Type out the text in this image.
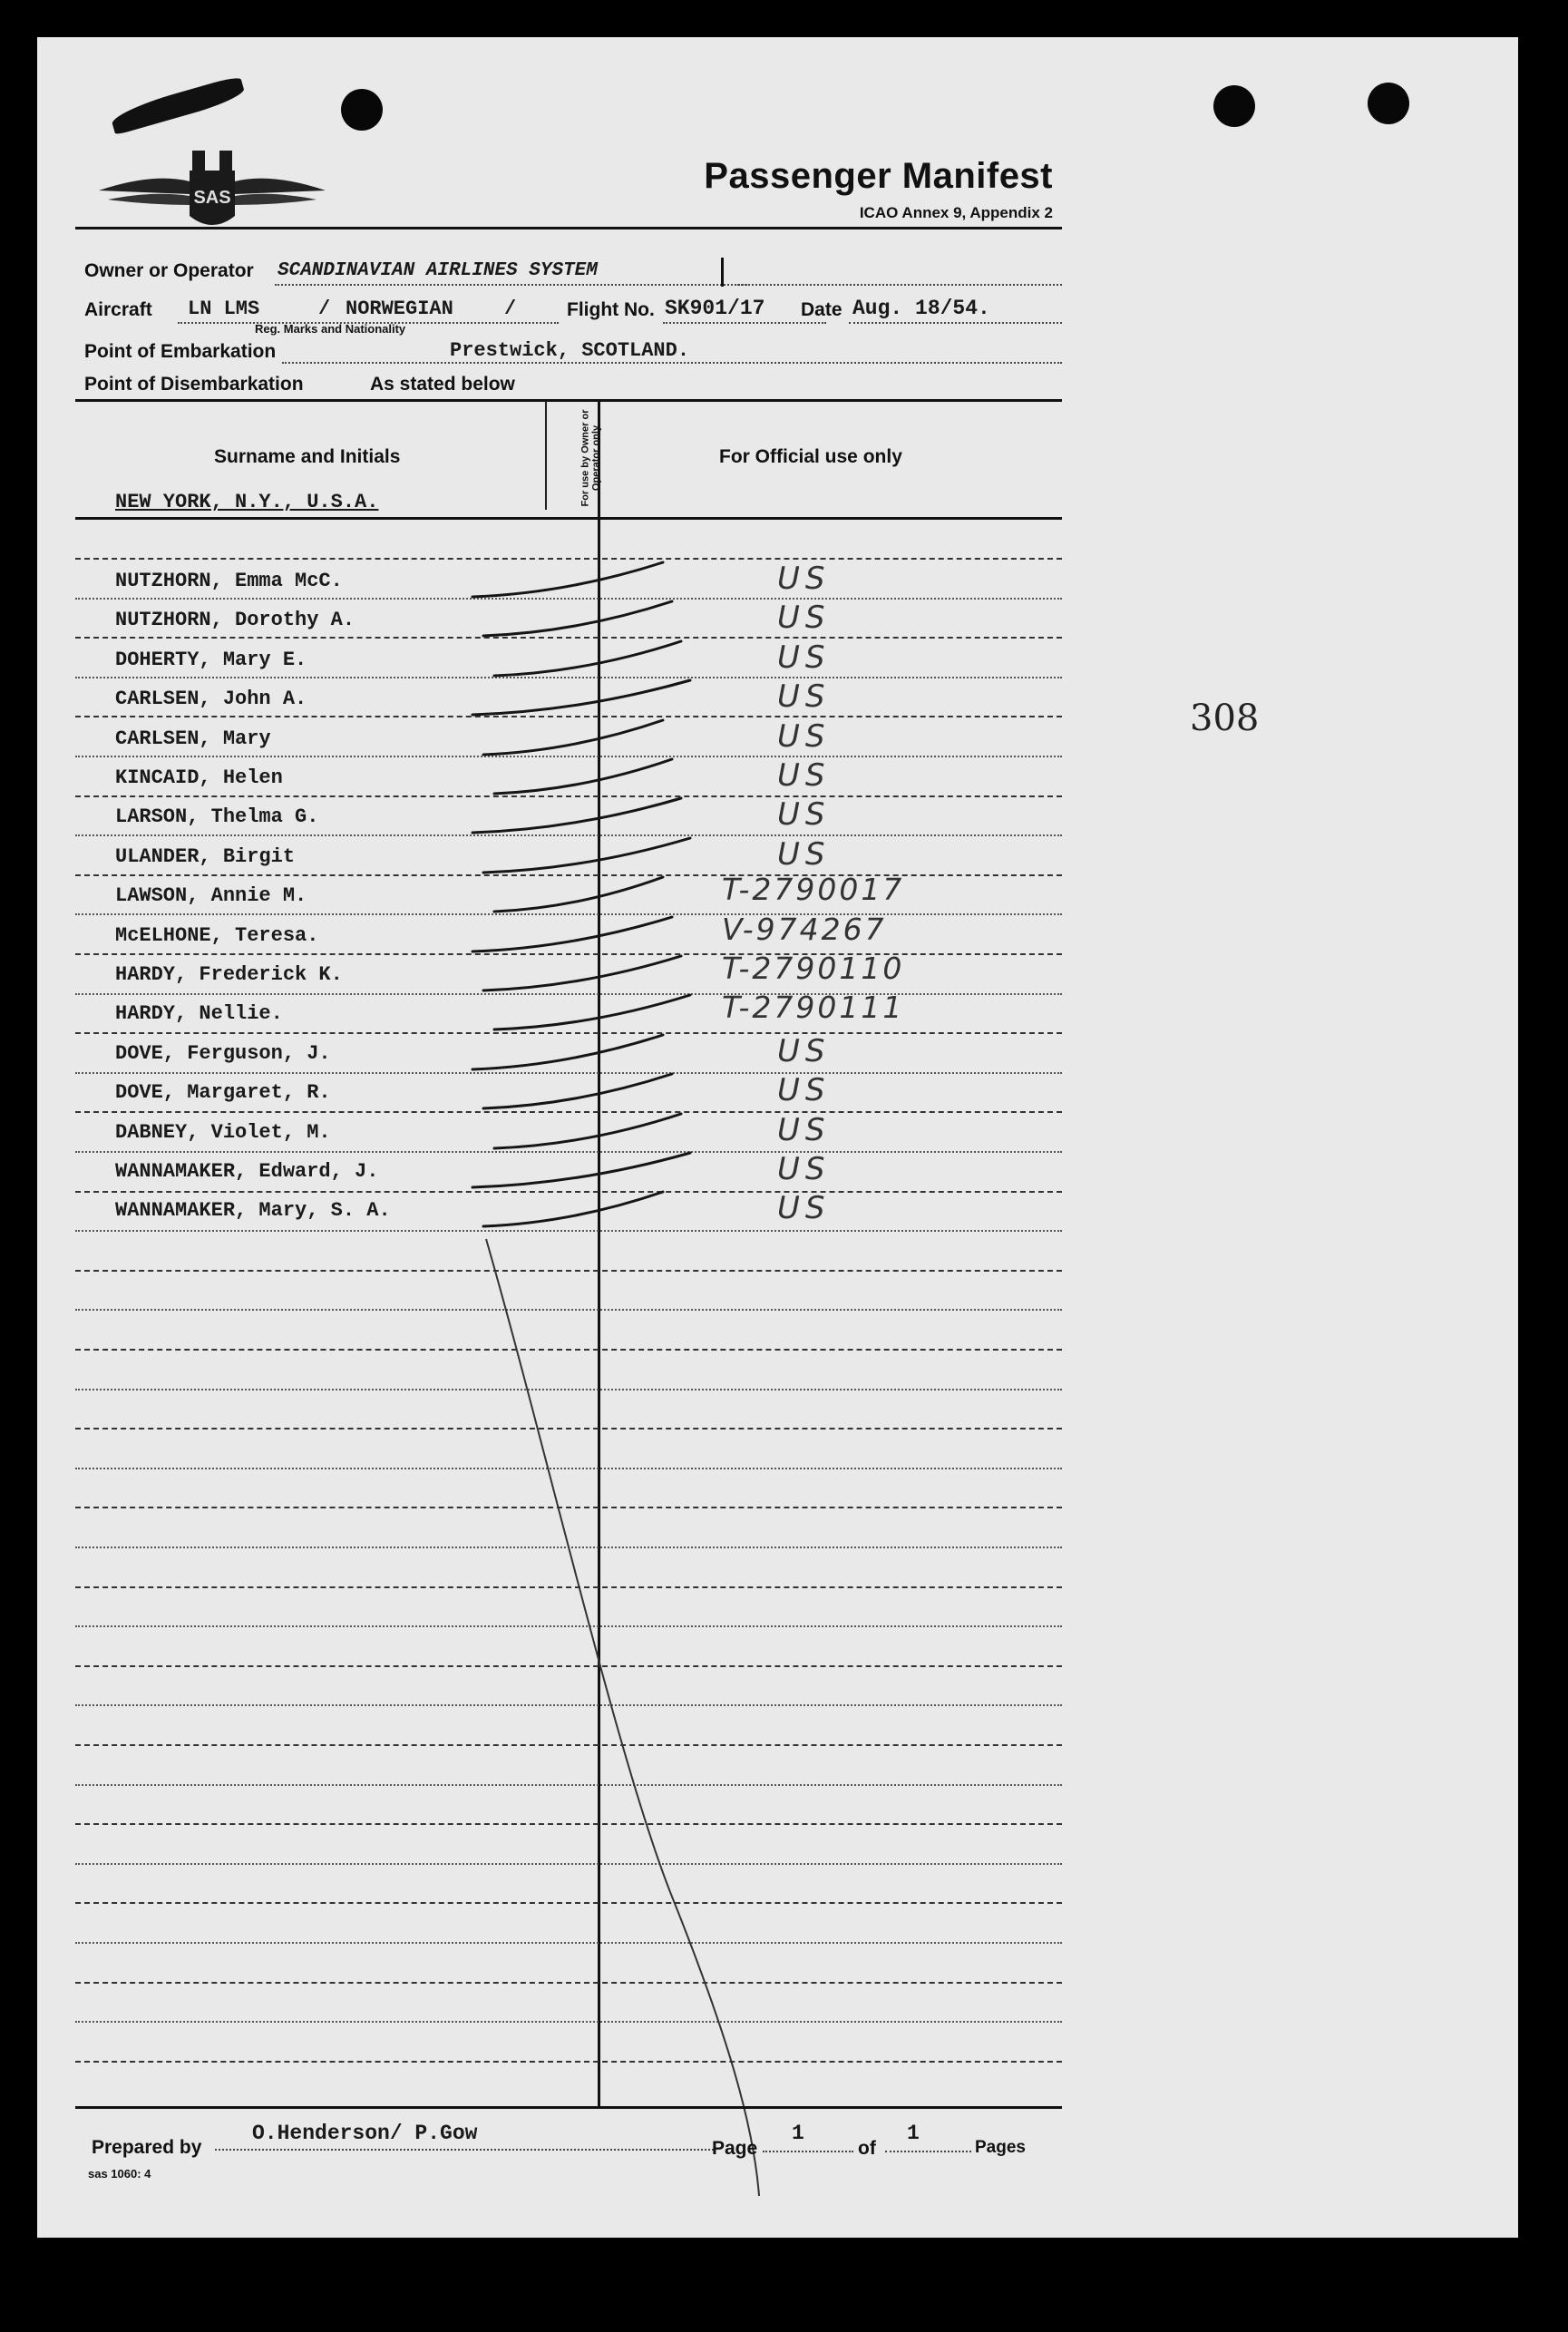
SAS
Passenger Manifest
ICAO Annex 9, Appendix 2
Owner or Operator SCANDINAVIAN AIRLINES SYSTEM
Aircraft LN LMS	/ NORWEGIAN	/
Reg. Marks and Nationality
Flight No. SK901/17 Date Aug. 18/54.
Point of Embarkation	Prestwick, SCOTLAND.
Point of Disembarkation	As stated below
Surname and Initials	For use by Owner or Operator only	For Official use only
NEW YORK, N.Y., U.S.A.
NUTZHORN, Emma McC.	US
NUTZHORN, Dorothy A.	US
DOHERTY, Mary E.	US
CARLSEN, John A.	US
CARLSEN, Mary	US
KINCAID, Helen	US
LARSON, Thelma G.	US
ULANDER, Birgit	US
LAWSON, Annie M.	T-2790017
McELHONE, Teresa.	V-974267
HARDY, Frederick K.	T-2790110
HARDY, Nellie.	T-2790111
DOVE, Ferguson, J.	US
DOVE, Margaret, R.	US
DABNEY, Violet, M.	US
WANNAMAKER, Edward, J.	US
WANNAMAKER, Mary, S. A.	US
308
Prepared by
O.Henderson/ P.Gow
Page
1
of
1
Pages
sas 1060: 4
